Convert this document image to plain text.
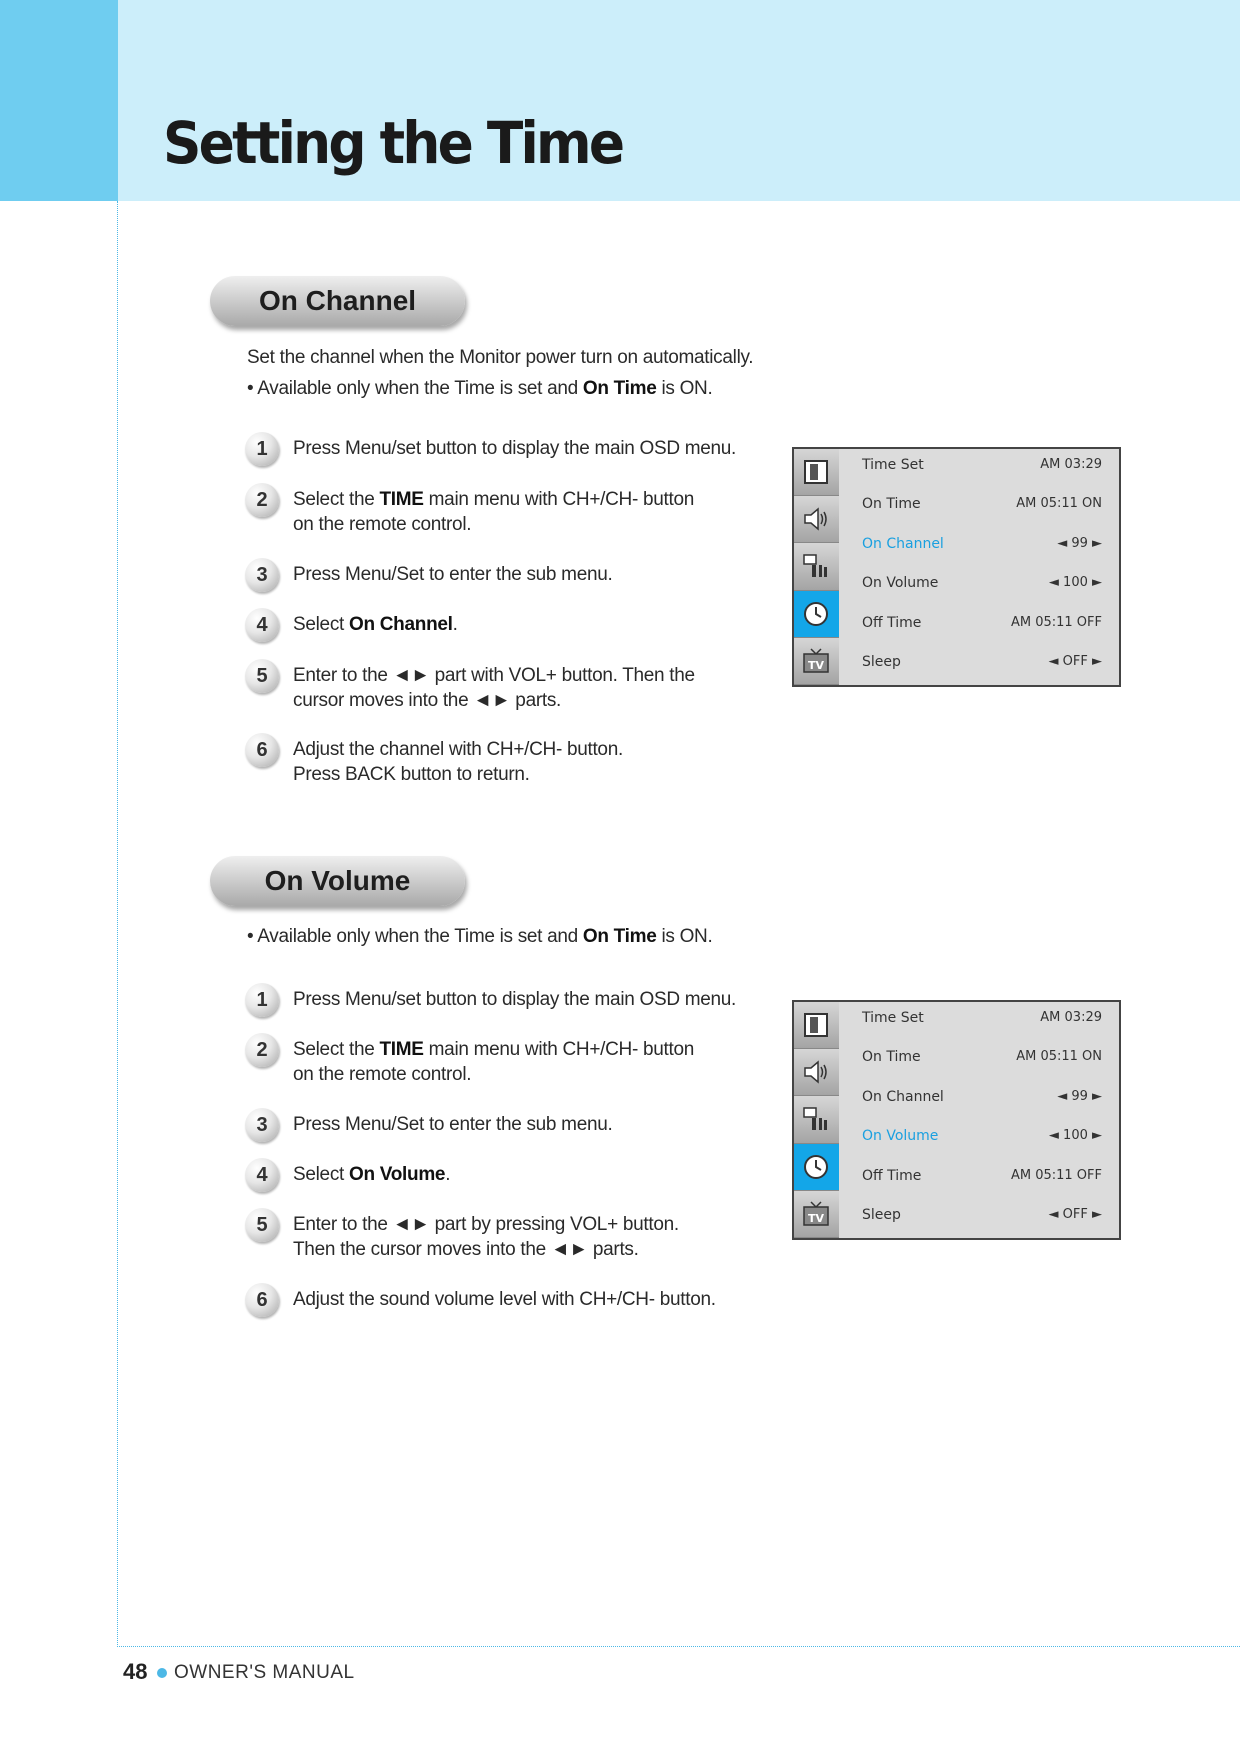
Setting the Time
On Channel
Set the channel when the Monitor power turn on automatically.
• Available only when the Time is set and On Time is ON.
1	Press Menu/set button to display the main OSD menu.
2	Select the TIME main menu with CH+/CH- button
on the remote control.
3	Press Menu/Set to enter the sub menu.
4	Select On Channel.
5	Enter to the ◄► part with VOL+ button. Then the
cursor moves into the ◄► parts.
6	Adjust the channel with CH+/CH- button.
Press BACK button to return.
TV
Time Set	AM 03:29
On Time	AM 05:11 ON
On Channel	◄ 99 ►
On Volume	◄ 100 ►
Off Time	AM 05:11 OFF
Sleep	◄ OFF ►
On Volume
• Available only when the Time is set and On Time is ON.
1	Press Menu/set button to display the main OSD menu.
2	Select the TIME main menu with CH+/CH- button
on the remote control.
3	Press Menu/Set to enter the sub menu.
4	Select On Volume.
5	Enter to the ◄► part by pressing VOL+ button.
Then the cursor moves into the ◄► parts.
6	Adjust the sound volume level with CH+/CH- button.
TV
Time Set	AM 03:29
On Time	AM 05:11 ON
On Channel	◄ 99 ►
On Volume	◄ 100 ►
Off Time	AM 05:11 OFF
Sleep	◄ OFF ►
48 OWNER'S MANUAL
